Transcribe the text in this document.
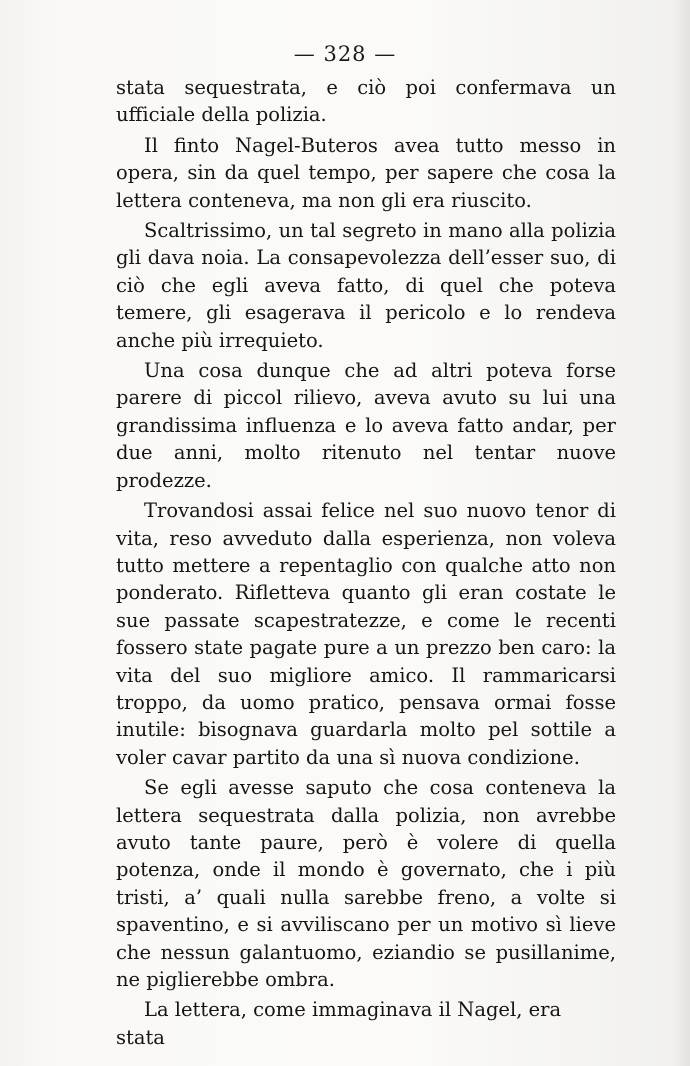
— 328 —

stata sequestrata, e ciò poi confermava un ufficiale della polizia.

Il finto Nagel-Buteros avea tutto messo in opera, sin da quel tempo, per sapere che cosa la lettera conteneva, ma non gli era riuscito.

Scaltrissimo, un tal segreto in mano alla polizia gli dava noia. La consapevolezza dell’esser suo, di ciò che egli aveva fatto, di quel che poteva temere, gli esagerava il pericolo e lo rendeva anche più irrequieto.

Una cosa dunque che ad altri poteva forse parere di piccol rilievo, aveva avuto su lui una grandissima influenza e lo aveva fatto andar, per due anni, molto ritenuto nel tentar nuove prodezze.

Trovandosi assai felice nel suo nuovo tenor di vita, reso avveduto dalla esperienza, non voleva tutto mettere a repentaglio con qualche atto non ponderato. Rifletteva quanto gli eran costate le sue passate scapestratezze, e come le recenti fossero state pagate pure a un prezzo ben caro: la vita del suo migliore amico. Il rammaricarsi troppo, da uomo pratico, pensava ormai fosse inutile: bisognava guardarla molto pel sottile a voler cavar partito da una sì nuova condizione.

Se egli avesse saputo che cosa conteneva la lettera sequestrata dalla polizia, non avrebbe avuto tante paure, però è volere di quella potenza, onde il mondo è governato, che i più tristi, a’ quali nulla sarebbe freno, a volte si spaventino, e si avviliscano per un motivo sì lieve che nessun galantuomo, eziandio se pusillanime, ne piglierebbe ombra.

La lettera, come immaginava il Nagel, era stata
